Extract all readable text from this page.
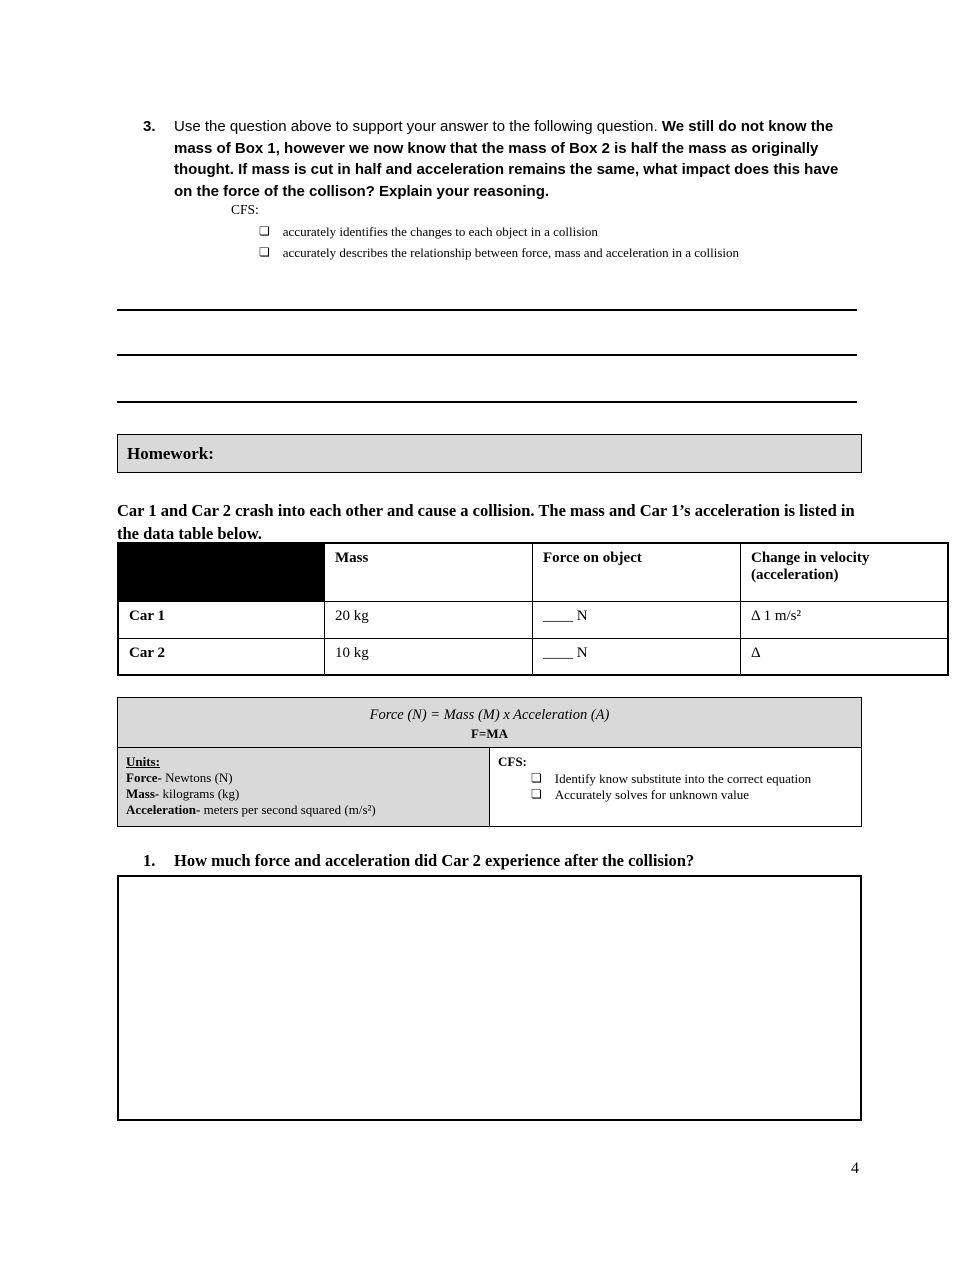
3.	Use the question above to support your answer to the following question. We still do not know the mass of Box 1, however we now know that the mass of Box 2 is half the mass as originally thought. If mass is cut in half and acceleration remains the same, what impact does this have on the force of the collison? Explain your reasoning.
CFS:
❏ accurately identifies the changes to each object in a collision
❏ accurately describes the relationship between force, mass and acceleration in a collision
Homework:
Car 1 and Car 2 crash into each other and cause a collision. The mass and Car 1’s acceleration is listed in the data table below.
	Mass	Force on object	Change in velocity (acceleration)
Car 1	20 kg	____ N	Δ 1 m/s²
Car 2	10 kg	____ N	Δ
Force (N) = Mass (M) x Acceleration (A)
F=MA
Units:
Force- Newtons (N)
Mass- kilograms (kg)
Acceleration- meters per second squared (m/s²)
CFS:
❏ Identify know substitute into the correct equation
❏ Accurately solves for unknown value
1.	How much force and acceleration did Car 2 experience after the collision?
4
